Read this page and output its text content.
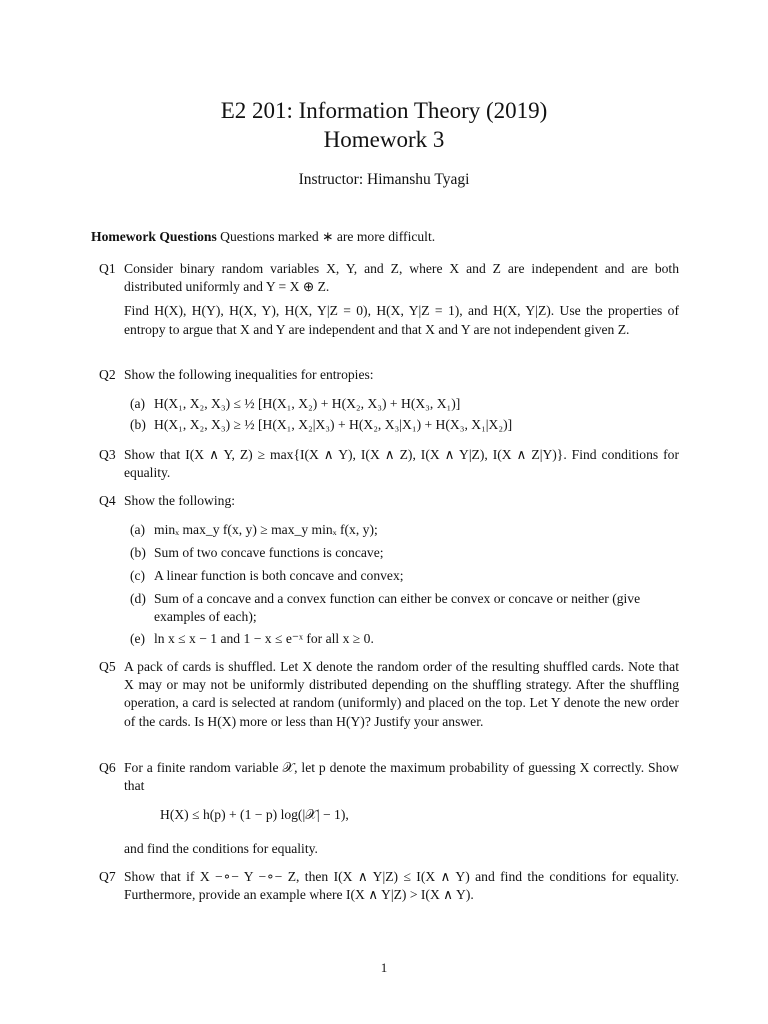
E2 201: Information Theory (2019)
Homework 3
Instructor: Himanshu Tyagi
Homework Questions Questions marked ∗ are more difficult.
Q1 Consider binary random variables X, Y, and Z, where X and Z are independent and are both distributed uniformly and Y = X ⊕ Z.

Find H(X), H(Y), H(X, Y), H(X, Y|Z = 0), H(X, Y|Z = 1), and H(X, Y|Z). Use the properties of entropy to argue that X and Y are independent and that X and Y are not independent given Z.

Q2 Show the following inequalities for entropies:
(a) H(X₁, X₂, X₃) ≤ ½ [H(X₁, X₂) + H(X₂, X₃) + H(X₃, X₁)]
(b) H(X₁, X₂, X₃) ≥ ½ [H(X₁, X₂|X₃) + H(X₂, X₃|X₁) + H(X₃, X₁|X₂)]
Q3 Show that I(X ∧ Y, Z) ≥ max{I(X ∧ Y), I(X ∧ Z), I(X ∧ Y|Z), I(X ∧ Z|Y)}. Find conditions for equality.
Q4 Show the following:
(a) minₓ max_y f(x, y) ≥ max_y minₓ f(x, y);
(b) Sum of two concave functions is concave;
(c) A linear function is both concave and convex;
(d) Sum of a concave and a convex function can either be convex or concave or neither (give examples of each);
(e) ln x ≤ x − 1 and 1 − x ≤ e⁻ˣ for all x ≥ 0.
Q5 A pack of cards is shuffled. Let X denote the random order of the resulting shuffled cards. Note that X may or may not be uniformly distributed depending on the shuffling strategy. After the shuffling operation, a card is selected at random (uniformly) and placed on the top. Let Y denote the new order of the cards. Is H(X) more or less than H(Y)? Justify your answer.
Q6 For a finite random variable 𝒳, let p denote the maximum probability of guessing X correctly. Show that
H(X) ≤ h(p) + (1 − p) log(|𝒳| − 1),
and find the conditions for equality.
Q7 Show that if X −∘− Y −∘− Z, then I(X ∧ Y|Z) ≤ I(X ∧ Y) and find the conditions for equality. Furthermore, provide an example where I(X ∧ Y|Z) > I(X ∧ Y).
1
